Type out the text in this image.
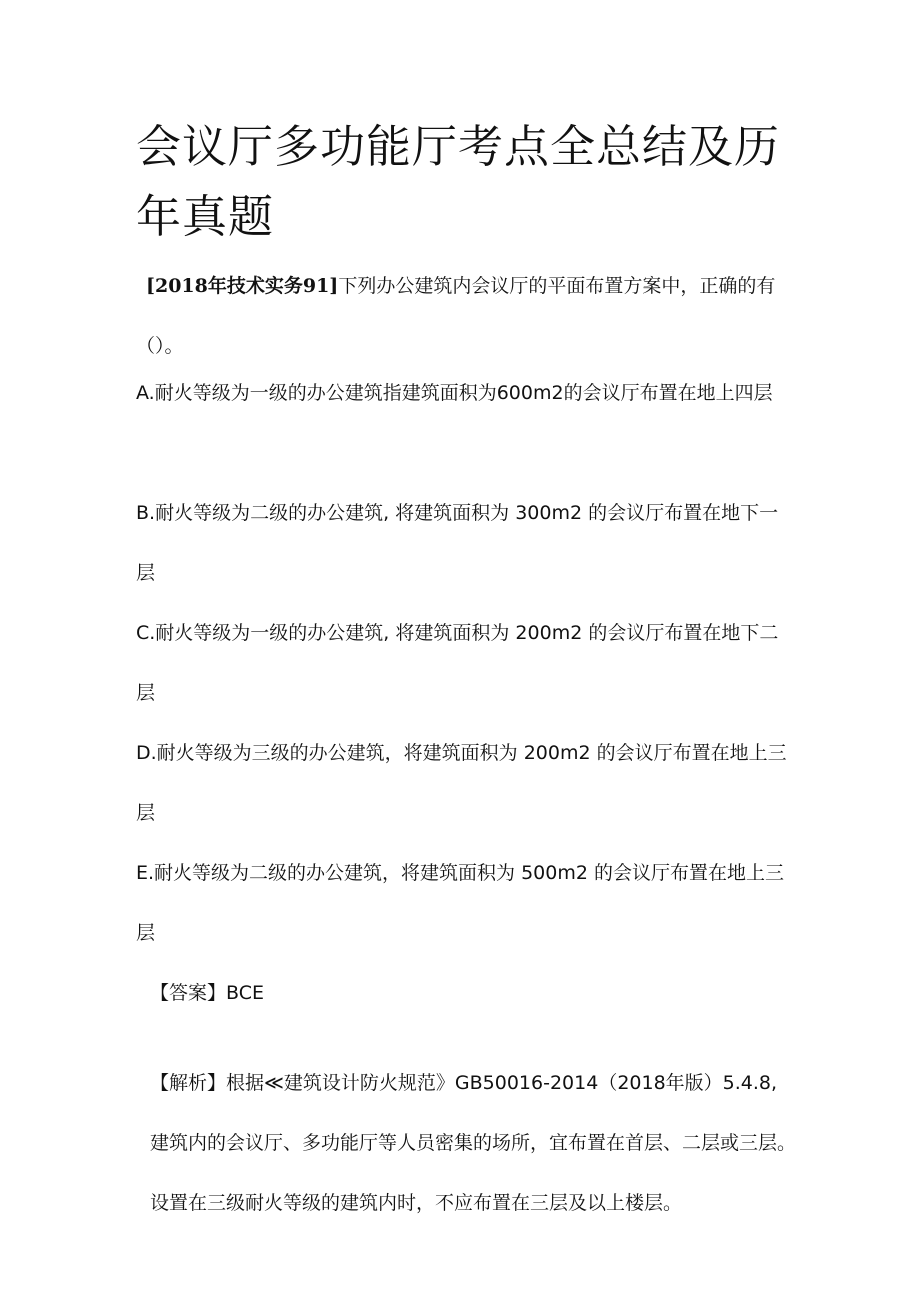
会议厅多功能厅考点全总结及历年真题

[2018年技术实务91]下列办公建筑内会议厅的平面布置方案中，正确的有（）。

A.耐火等级为一级的办公建筑指建筑面积为600m2的会议厅布置在地上四层

B.耐火等级为二级的办公建筑, 将建筑面积为 300m2 的会议厅布置在地下一层

C.耐火等级为一级的办公建筑, 将建筑面积为 200m2 的会议厅布置在地下二层

D.耐火等级为三级的办公建筑，将建筑面积为 200m2 的会议厅布置在地上三层

E.耐火等级为二级的办公建筑，将建筑面积为 500m2 的会议厅布置在地上三层

【答案】BCE

【解析】根据≪建筑设计防火规范》GB50016-2014（2018年版）5.4.8, 建筑内的会议厅、多功能厅等人员密集的场所，宜布置在首层、二层或三层。设置在三级耐火等级的建筑内时，不应布置在三层及以上楼层。
